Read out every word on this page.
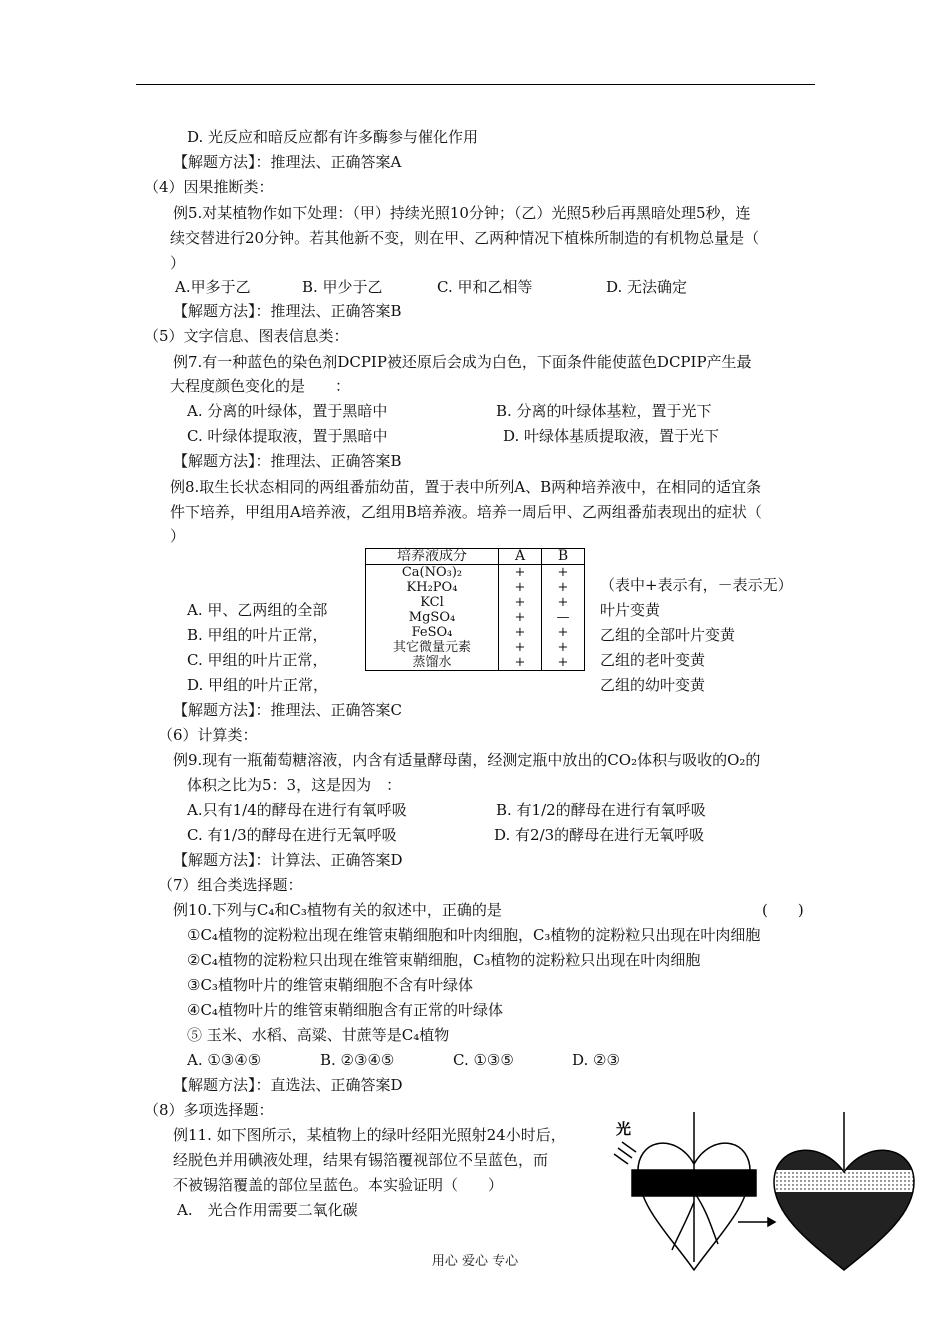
D. 光反应和暗反应都有许多酶参与催化作用
【解题方法】：推理法、正确答案A
（4）因果推断类：
例5.对某植物作如下处理：（甲）持续光照10分钟；（乙）光照5秒后再黑暗处理5秒，连
续交替进行20分钟。若其他新不变，则在甲、乙两种情况下植株所制造的有机物总量是（
）
A.甲多于乙	B. 甲少于乙	C. 甲和乙相等	D. 无法确定
【解题方法】：推理法、正确答案B
（5）文字信息、图表信息类：
例7.有一种蓝色的染色剂DCPIP被还原后会成为白色，下面条件能使蓝色DCPIP产生最
大程度颜色变化的是　　：
A. 分离的叶绿体，置于黑暗中	B. 分离的叶绿体基粒，置于光下
C. 叶绿体提取液，置于黑暗中	D. 叶绿体基质提取液，置于光下
【解题方法】：推理法、正确答案B
例8.取生长状态相同的两组番茄幼苗，置于表中所列A、B两种培养液中，在相同的适宜条
件下培养，甲组用A培养液，乙组用B培养液。培养一周后甲、乙两组番茄表现出的症状（
）
培养液成分	A	B
Ca(NO₃)₂	+	+
KH₂PO₄	+	+
KCl	+	+
MgSO₄	+	—
FeSO₄	+	+
其它微量元素	+	+
蒸馏水	+	+
（表中+表示有，－表示无）
A. 甲、乙两组的全部	叶片变黄
B. 甲组的叶片正常，	乙组的全部叶片变黄
C. 甲组的叶片正常，	乙组的老叶变黄
D. 甲组的叶片正常，	乙组的幼叶变黄
【解题方法】：推理法、正确答案C
（6）计算类：
例9.现有一瓶葡萄糖溶液，内含有适量酵母菌，经测定瓶中放出的CO₂体积与吸收的O₂的
体积之比为5：3，这是因为　：
A.只有1/4的酵母在进行有氧呼吸	B. 有1/2的酵母在进行有氧呼吸
C. 有1/3的酵母在进行无氧呼吸	D. 有2/3的酵母在进行无氧呼吸
【解题方法】：计算法、正确答案D
（7）组合类选择题：
例10.下列与C₄和C₃植物有关的叙述中，正确的是	(　　)
①C₄植物的淀粉粒出现在维管束鞘细胞和叶肉细胞，C₃植物的淀粉粒只出现在叶肉细胞
②C₄植物的淀粉粒只出现在维管束鞘细胞，C₃植物的淀粉粒只出现在叶肉细胞
③C₃植物叶片的维管束鞘细胞不含有叶绿体
④C₄植物叶片的维管束鞘细胞含有正常的叶绿体
⑤ 玉米、水稻、高粱、甘蔗等是C₄植物
A. ①③④⑤	B. ②③④⑤	C. ①③⑤	D. ②③
【解题方法】：直选法、正确答案D
（8）多项选择题：
例11. 如下图所示，某植物上的绿叶经阳光照射24小时后，
经脱色并用碘液处理，结果有锡箔覆视部位不呈蓝色，而
不被锡箔覆盖的部位呈蓝色。本实验证明（　　）
A.　光合作用需要二氧化碳
光
用心 爱心 专心
